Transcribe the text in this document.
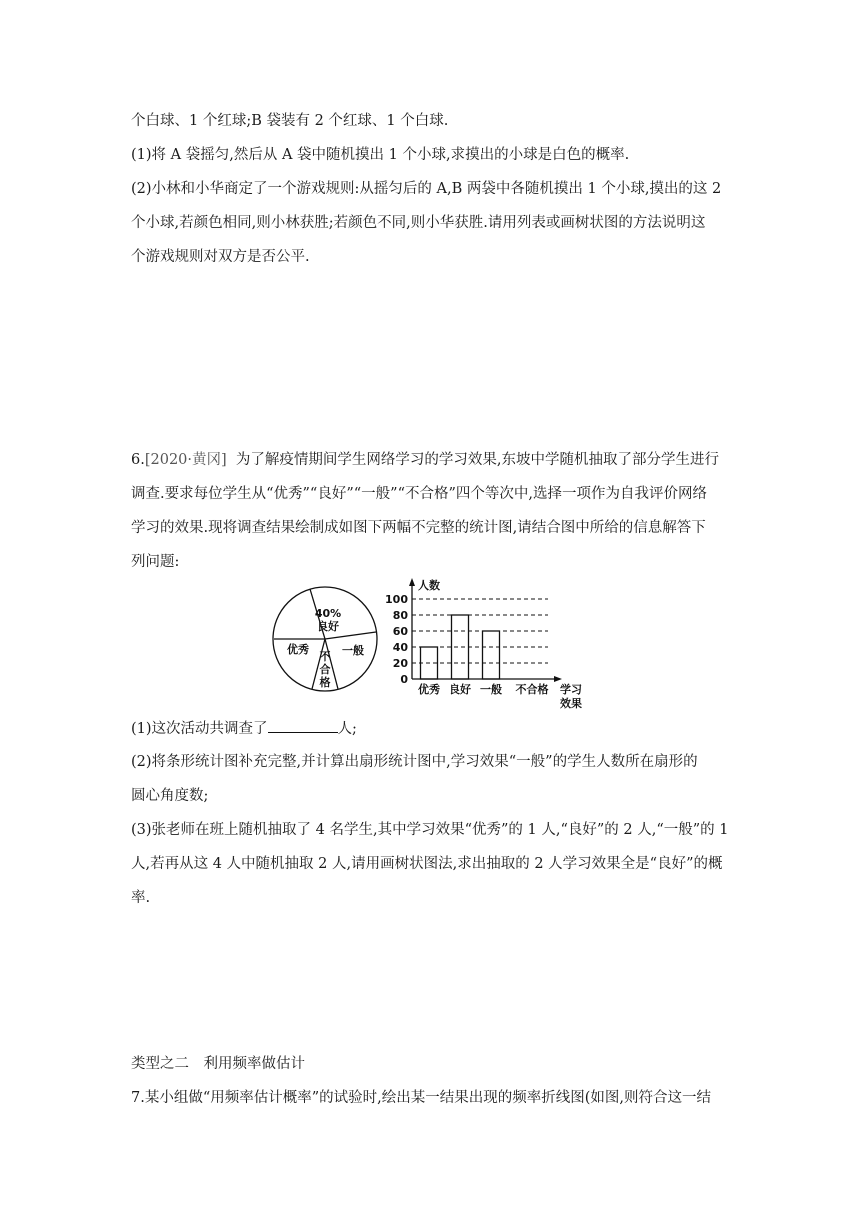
个白球、1 个红球;B 袋装有 2 个红球、1 个白球.
(1)将 A 袋摇匀,然后从 A 袋中随机摸出 1 个小球,求摸出的小球是白色的概率.
(2)小林和小华商定了一个游戏规则:从摇匀后的 A,B 两袋中各随机摸出 1 个小球,摸出的这 2
个小球,若颜色相同,则小林获胜;若颜色不同,则小华获胜.请用列表或画树状图的方法说明这
个游戏规则对双方是否公平.
6.[2020·黄冈] 为了解疫情期间学生网络学习的学习效果,东坡中学随机抽取了部分学生进行
调查.要求每位学生从“优秀”“良好”“一般”“不合格”四个等次中,选择一项作为自我评价网络
学习的效果.现将调查结果绘制成如图下两幅不完整的统计图,请结合图中所给的信息解答下
列问题:
40%
良好
一般
优秀
不
合
格
人数
0
20
40
60
80
100
优秀 良好 一般 不合格 学习
效果
(1)这次活动共调查了	人;
(2)将条形统计图补充完整,并计算出扇形统计图中,学习效果“一般”的学生人数所在扇形的
圆心角度数;
(3)张老师在班上随机抽取了 4 名学生,其中学习效果“优秀”的 1 人,“良好”的 2 人,“一般”的 1
人,若再从这 4 人中随机抽取 2 人,请用画树状图法,求出抽取的 2 人学习效果全是“良好”的概
率.
类型之二　利用频率做估计
7.某小组做“用频率估计概率”的试验时,绘出某一结果出现的频率折线图(如图,则符合这一结
